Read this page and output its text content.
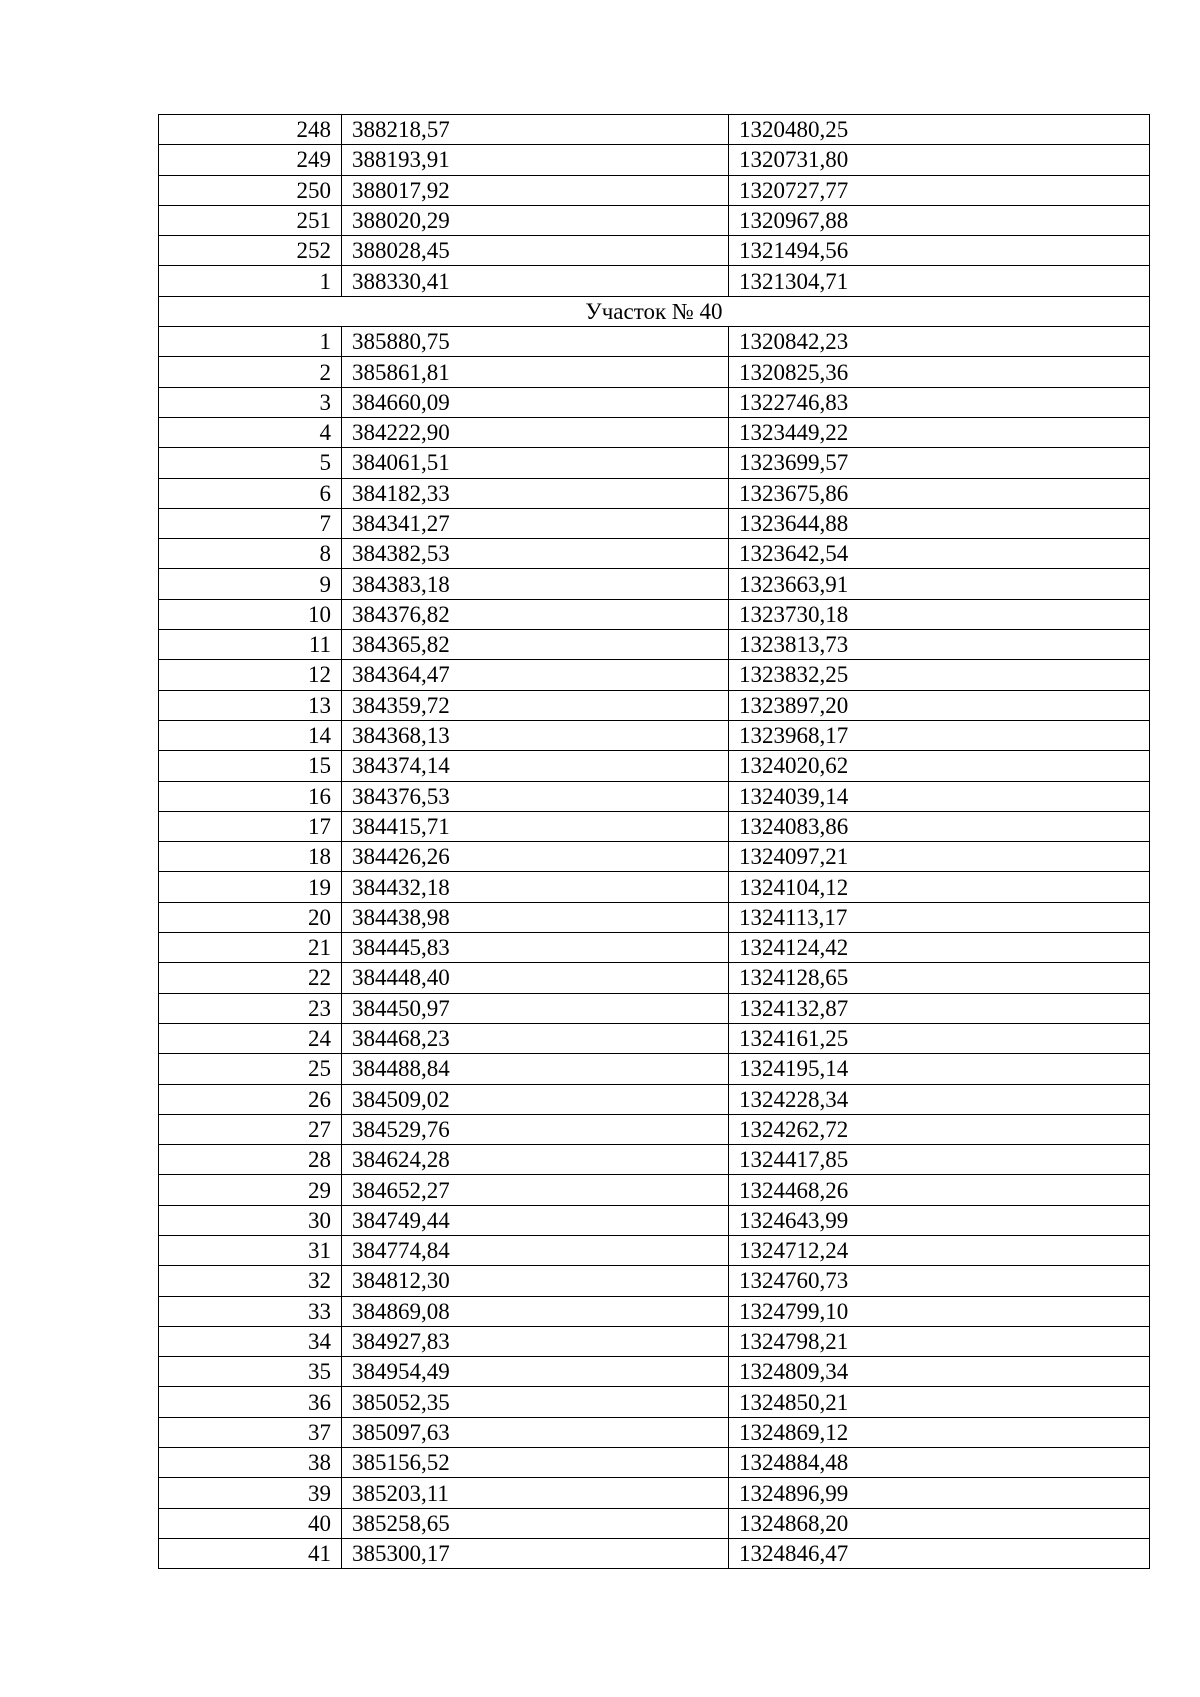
248	388218,57	1320480,25
249	388193,91	1320731,80
250	388017,92	1320727,77
251	388020,29	1320967,88
252	388028,45	1321494,56
1	388330,41	1321304,71
Участок № 40		
1	385880,75	1320842,23
2	385861,81	1320825,36
3	384660,09	1322746,83
4	384222,90	1323449,22
5	384061,51	1323699,57
6	384182,33	1323675,86
7	384341,27	1323644,88
8	384382,53	1323642,54
9	384383,18	1323663,91
10	384376,82	1323730,18
11	384365,82	1323813,73
12	384364,47	1323832,25
13	384359,72	1323897,20
14	384368,13	1323968,17
15	384374,14	1324020,62
16	384376,53	1324039,14
17	384415,71	1324083,86
18	384426,26	1324097,21
19	384432,18	1324104,12
20	384438,98	1324113,17
21	384445,83	1324124,42
22	384448,40	1324128,65
23	384450,97	1324132,87
24	384468,23	1324161,25
25	384488,84	1324195,14
26	384509,02	1324228,34
27	384529,76	1324262,72
28	384624,28	1324417,85
29	384652,27	1324468,26
30	384749,44	1324643,99
31	384774,84	1324712,24
32	384812,30	1324760,73
33	384869,08	1324799,10
34	384927,83	1324798,21
35	384954,49	1324809,34
36	385052,35	1324850,21
37	385097,63	1324869,12
38	385156,52	1324884,48
39	385203,11	1324896,99
40	385258,65	1324868,20
41	385300,17	1324846,47
